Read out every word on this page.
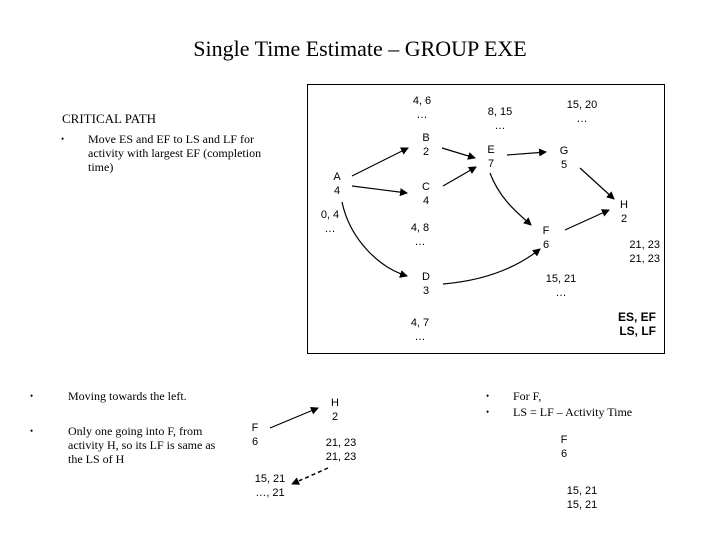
Single Time Estimate – GROUP EXE
CRITICAL PATH
• Move ES and EF to LS and LF for activity with largest EF (completion time)
A
4
B
2
C
4
D
3
E
7
F
6
G
5
H
2
0, 4
…
4, 6
…
4, 8
…
4, 7
…
8, 15
…
15, 20
…
15, 21
…
21, 23
21, 23
ES, EF
LS, LF
•	Moving towards the left.
•	Only one going into F, from activity H, so its LF is same as the LS of H
F
6
H
2
15, 21
…, 21
21, 23
21, 23
• For F,
• LS = LF – Activity Time
F
6
15, 21
15, 21
